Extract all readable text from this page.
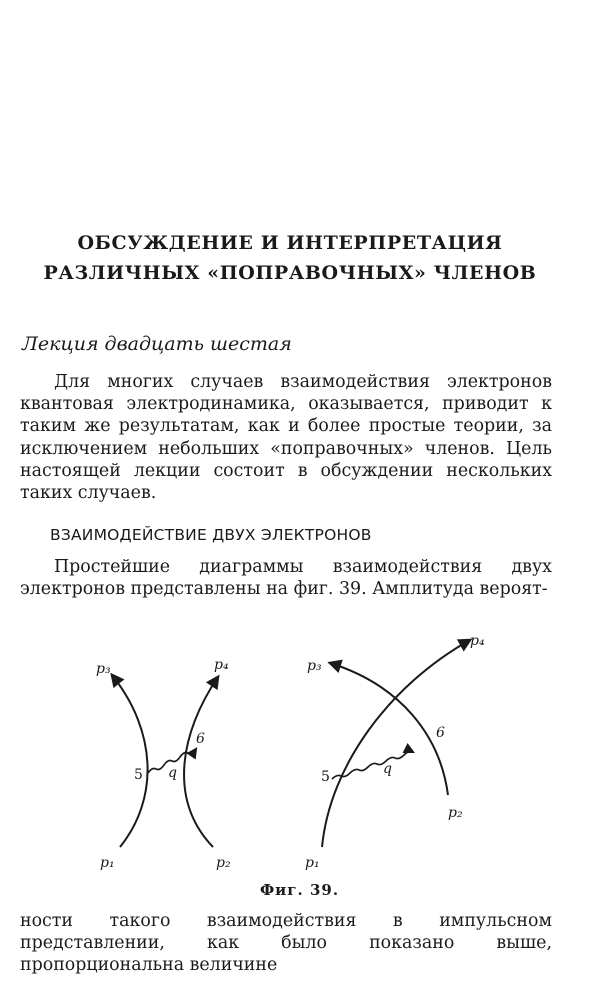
ОБСУЖДЕНИЕ И ИНТЕРПРЕТАЦИЯ
РАЗЛИЧНЫХ «ПОПРАВОЧНЫХ» ЧЛЕНОВ
Лекция двадцать шестая

Для многих случаев взаимодействия электронов квантовая электродинамика, оказывается, приводит к таким же результатам, как и более простые теории, за исключением небольших «поправочных» членов. Цель настоящей лекции состоит в обсуждении нескольких таких случаев.

ВЗАИМОДЕЙСТВИЕ ДВУХ ЭЛЕКТРОНОВ

Простейшие диаграммы взаимодействия двух электронов представлены на фиг. 39. Амплитуда вероят-

p₃	p₄
p₁	p₂
5
6
q
p₃
p₄
p₁
p₂
5
6
q
Фиг. 39.

ности такого взаимодействия в импульсном представлении, как было показано выше, пропорциональна величине
